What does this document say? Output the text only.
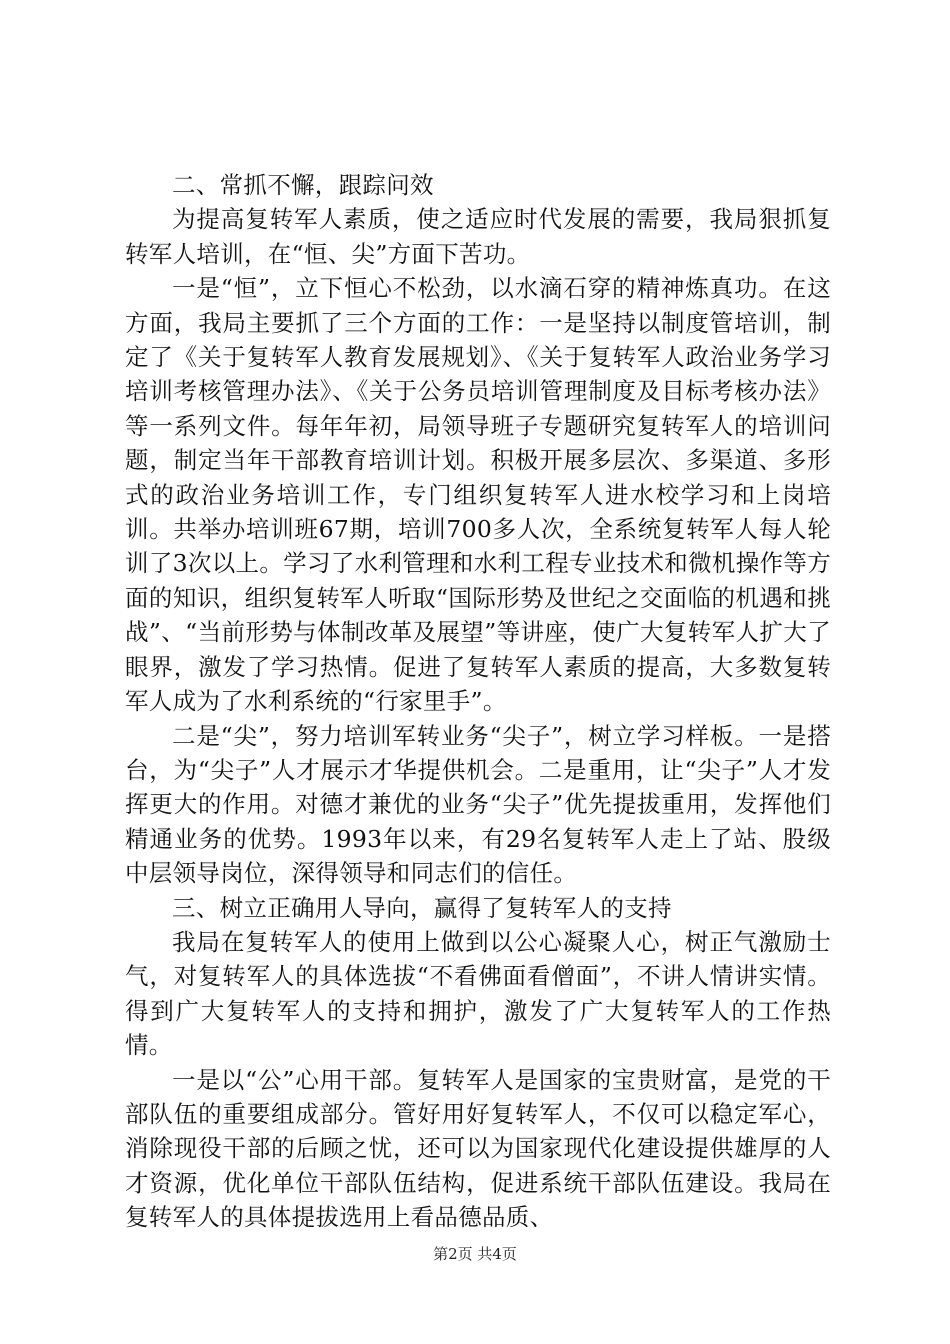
二、常抓不懈，跟踪问效

为提高复转军人素质，使之适应时代发展的需要，我局狠抓复转军人培训，在“恒、尖”方面下苦功。

一是“恒”，立下恒心不松劲，以水滴石穿的精神炼真功。在这方面，我局主要抓了三个方面的工作：一是坚持以制度管培训，制定了《关于复转军人教育发展规划》、《关于复转军人政治业务学习培训考核管理办法》、《关于公务员培训管理制度及目标考核办法》等一系列文件。每年年初，局领导班子专题研究复转军人的培训问题，制定当年干部教育培训计划。积极开展多层次、多渠道、多形式的政治业务培训工作，专门组织复转军人进水校学习和上岗培训。共举办培训班67期，培训700多人次，全系统复转军人每人轮训了3次以上。学习了水利管理和水利工程专业技术和微机操作等方面的知识，组织复转军人听取“国际形势及世纪之交面临的机遇和挑战”、“当前形势与体制改革及展望”等讲座，使广大复转军人扩大了眼界，激发了学习热情。促进了复转军人素质的提高，大多数复转军人成为了水利系统的“行家里手”。

二是“尖”，努力培训军转业务“尖子”，树立学习样板。一是搭台，为“尖子”人才展示才华提供机会。二是重用，让“尖子”人才发挥更大的作用。对德才兼优的业务“尖子”优先提拔重用，发挥他们精通业务的优势。1993年以来，有29名复转军人走上了站、股级中层领导岗位，深得领导和同志们的信任。

三、树立正确用人导向，赢得了复转军人的支持

我局在复转军人的使用上做到以公心凝聚人心，树正气激励士气，对复转军人的具体选拔“不看佛面看僧面”，不讲人情讲实情。得到广大复转军人的支持和拥护，激发了广大复转军人的工作热情。

一是以“公”心用干部。复转军人是国家的宝贵财富，是党的干部队伍的重要组成部分。管好用好复转军人，不仅可以稳定军心，消除现役干部的后顾之忧，还可以为国家现代化建设提供雄厚的人才资源，优化单位干部队伍结构，促进系统干部队伍建设。我局在复转军人的具体提拔选用上看品德品质、

第2页 共4页
